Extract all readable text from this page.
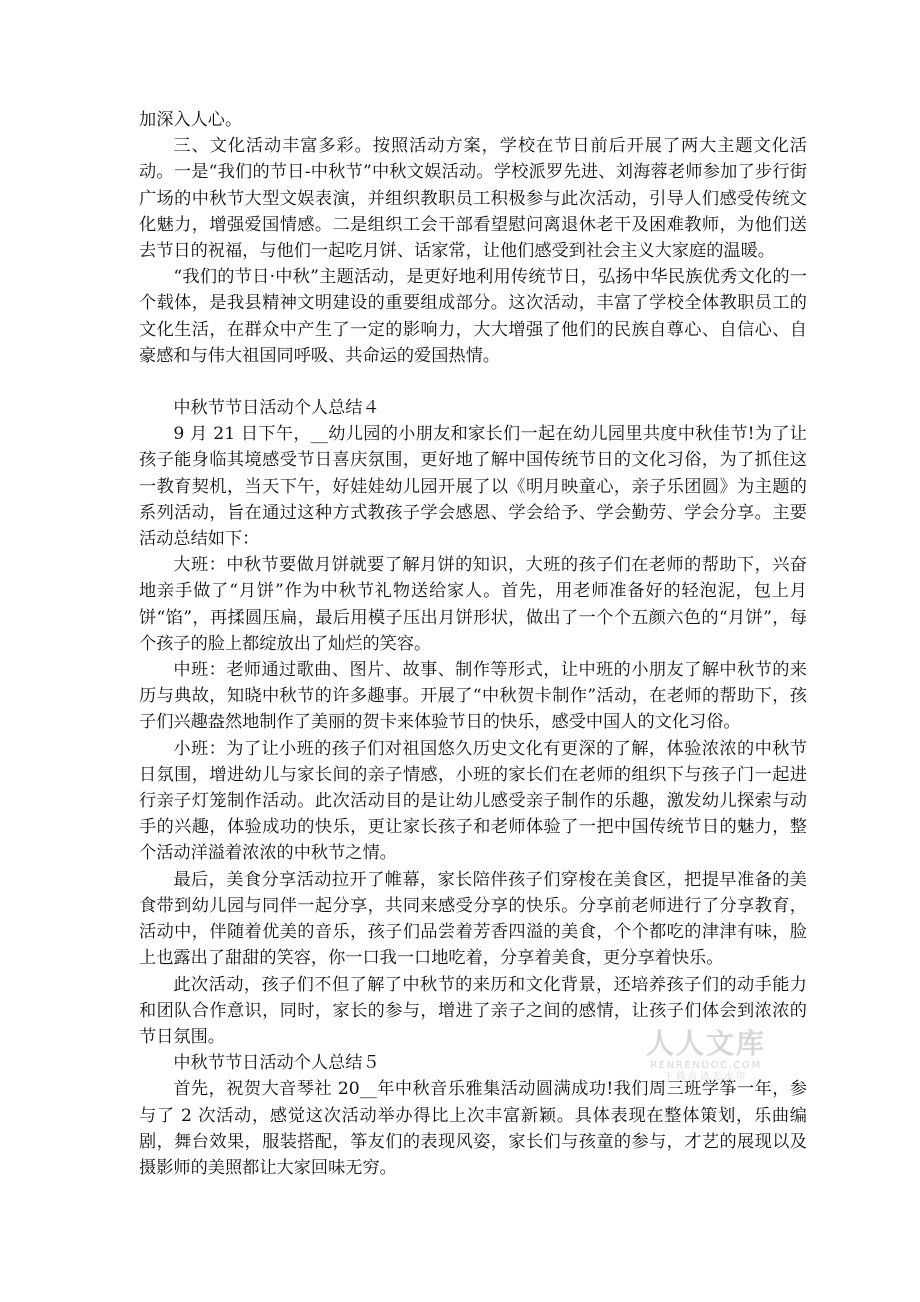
加深入人心。

三、文化活动丰富多彩。按照活动方案，学校在节日前后开展了两大主题文化活动。一是“我们的节日-中秋节”中秋文娱活动。学校派罗先进、刘海蓉老师参加了步行街广场的中秋节大型文娱表演，并组织教职员工积极参与此次活动，引导人们感受传统文化魅力，增强爱国情感。二是组织工会干部看望慰问离退休老干及困难教师，为他们送去节日的祝福，与他们一起吃月饼、话家常，让他们感受到社会主义大家庭的温暖。

“我们的节日·中秋”主题活动，是更好地利用传统节日，弘扬中华民族优秀文化的一个载体，是我县精神文明建设的重要组成部分。这次活动，丰富了学校全体教职员工的文化生活，在群众中产生了一定的影响力，大大增强了他们的民族自尊心、自信心、自豪感和与伟大祖国同呼吸、共命运的爱国热情。

中秋节节日活动个人总结４

9 月 21 日下午，__幼儿园的小朋友和家长们一起在幼儿园里共度中秋佳节!为了让孩子能身临其境感受节日喜庆氛围，更好地了解中国传统节日的文化习俗，为了抓住这一教育契机，当天下午，好娃娃幼儿园开展了以《明月映童心，亲子乐团圆》为主题的系列活动，旨在通过这种方式教孩子学会感恩、学会给予、学会勤劳、学会分享。主要活动总结如下：

大班：中秋节要做月饼就要了解月饼的知识，大班的孩子们在老师的帮助下，兴奋地亲手做了“月饼”作为中秋节礼物送给家人。首先，用老师准备好的轻泡泥，包上月饼“馅”，再揉圆压扁，最后用模子压出月饼形状，做出了一个个五颜六色的“月饼”，每个孩子的脸上都绽放出了灿烂的笑容。

中班：老师通过歌曲、图片、故事、制作等形式，让中班的小朋友了解中秋节的来历与典故，知晓中秋节的许多趣事。开展了“中秋贺卡制作”活动，在老师的帮助下，孩子们兴趣盎然地制作了美丽的贺卡来体验节日的快乐，感受中国人的文化习俗。

小班：为了让小班的孩子们对祖国悠久历史文化有更深的了解，体验浓浓的中秋节日氛围，增进幼儿与家长间的亲子情感，小班的家长们在老师的组织下与孩子门一起进行亲子灯笼制作活动。此次活动目的是让幼儿感受亲子制作的乐趣，激发幼儿探索与动手的兴趣，体验成功的快乐，更让家长孩子和老师体验了一把中国传统节日的魅力，整个活动洋溢着浓浓的中秋节之情。

最后，美食分享活动拉开了帷幕，家长陪伴孩子们穿梭在美食区，把提早准备的美食带到幼儿园与同伴一起分享，共同来感受分享的快乐。分享前老师进行了分享教育，活动中，伴随着优美的音乐，孩子们品尝着芳香四溢的美食，个个都吃的津津有味，脸上也露出了甜甜的笑容，你一口我一口地吃着，分享着美食，更分享着快乐。

此次活动，孩子们不但了解了中秋节的来历和文化背景，还培养孩子们的动手能力和团队合作意识，同时，家长的参与，增进了亲子之间的感情，让孩子们体会到浓浓的节日氛围。

中秋节节日活动个人总结５

首先，祝贺大音琴社 20__年中秋音乐雅集活动圆满成功!我们周三班学筝一年，参与了 2 次活动，感觉这次活动举办得比上次丰富新颖。具体表现在整体策划，乐曲编剧，舞台效果，服装搭配，筝友们的表现风姿，家长们与孩童的参与，才艺的展现以及摄影师的美照都让大家回味无穷。

人人文库
RENRENDOC.COM
下载高清无水印
